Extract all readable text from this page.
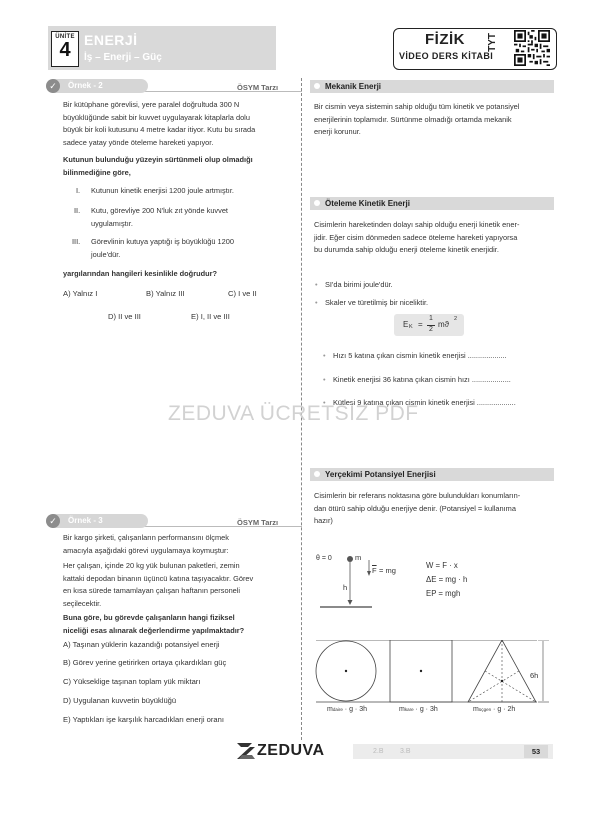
ÜNİTE
4 ENERJİ
İş – Enerji – Güç
FİZİK
VİDEO DERS KİTABI
TYT
Örnek - 2
✓	ÖSYM Tarzı
Bir kütüphane görevlisi, yere paralel doğrultuda 300 N
büyüklüğünde sabit bir kuvvet uygulayarak kitaplarla dolu
büyük bir koli kutusunu 4 metre kadar itiyor. Kutu bu sırada
sadece yatay yönde öteleme hareketi yapıyor.
Kutunun bulunduğu yüzeyin sürtünmeli olup olmadığı
bilinmediğine göre,
I. Kutunun kinetik enerjisi 1200 joule artmıştır.
II. Kutu, görevliye 200 N'luk zıt yönde kuvvet
uygulamıştır.
III. Görevlinin kutuya yaptığı iş büyüklüğü 1200
joule'dür.
yargılarından hangileri kesinlikle doğrudur?
A) Yalnız I	B) Yalnız III	C) I ve II
D) II ve III	E) I, II ve III
Örnek - 3
✓	ÖSYM Tarzı
Bir kargo şirketi, çalışanların performansını ölçmek
amacıyla aşağıdaki görevi uygulamaya koymuştur:
Her çalışan, içinde 20 kg yük bulunan paketleri, zemin
kattaki depodan binanın üçüncü katına taşıyacaktır. Görev
en kısa sürede tamamlayan çalışan haftanın personeli
seçilecektir.
Buna göre, bu görevde çalışanların hangi fiziksel
niceliği esas alınarak değerlendirme yapılmaktadır?
A) Taşınan yüklerin kazandığı potansiyel enerji
B) Görev yerine getirirken ortaya çıkardıkları güç
C) Yükseklige taşınan toplam yük miktarı
D) Uygulanan kuvvetin büyüklüğü
E) Yaptıkları işe karşılık harcadıkları enerji oranı
Mekanik Enerji
Bir cismin veya sistemin sahip olduğu tüm kinetik ve potansiyel
enerjilerinin toplamıdır. Sürtünme olmadığı ortamda mekanik
enerji korunur.
Öteleme Kinetik Enerji
Cisimlerin hareketinden dolayı sahip olduğu enerji kinetik ener-
jidir. Eğer cisim dönmeden sadece öteleme hareketi yapıyorsa
bu durumda sahip olduğu enerji öteleme kinetik enerjidir.
• SI'da birimi joule'dür.
• Skaler ve türetilmiş bir niceliktir.
E K =
1
2
mϑ
2
• Hızı 5 katına çıkan cismin kinetik enerjisi ...................
• Kinetik enerjisi 36 katına çıkan cismin hızı ...................
• Kütlesi 9 katına çıkan cismin kinetik enerjisi ...................
ZEDUVA ÜCRETSİZ PDF
Yerçekimi Potansiyel Enerjisi
Cisimlerin bir referans noktasına göre bulundukları konumların-
dan ötürü sahip olduğu enerjiye denir. (Potansiyel = kullanıma
hazır)
θ = 0	m
$\overline{F}$ = mg
h
W = F · x
ΔE = mg · h
EP = mgh
6h
mdaire · g · 3h	mkare · g · 3h	müçgen · g · 2h
ZEDUVA	2.B 3.B	53
